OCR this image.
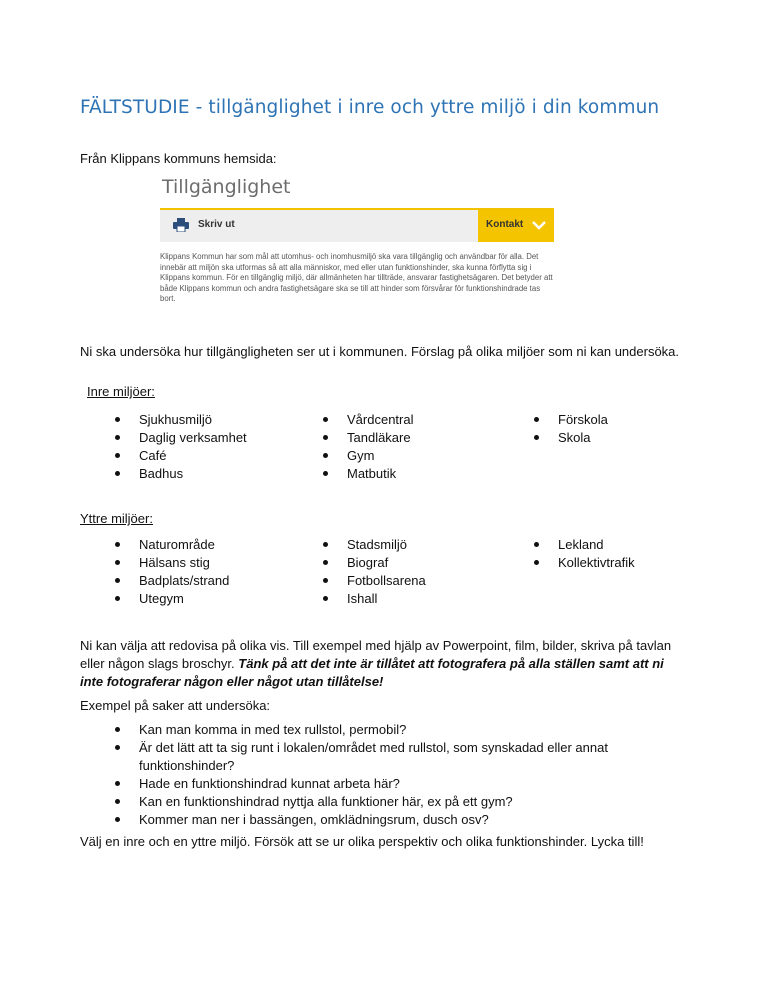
FÄLTSTUDIE - tillgänglighet i inre och yttre miljö i din kommun

Från Klippans kommuns hemsida:

Tillgänglighet
Skriv ut	Kontakt

Klippans Kommun har som mål att utomhus- och inomhusmiljö ska vara tillgänglig och användbar för alla. Det innebär att miljön ska utformas så att alla människor, med eller utan funktionshinder, ska kunna förflytta sig i Klippans kommun. För en tillgänglig miljö, där allmänheten har tillträde, ansvarar fastighetsägaren. Det betyder att både Klippans kommun och andra fastighetsägare ska se till att hinder som försvårar för funktionshindrade tas bort.

Ni ska undersöka hur tillgängligheten ser ut i kommunen. Förslag på olika miljöer som ni kan undersöka.

Inre miljöer:

Sjukhusmiljö
Daglig verksamhet
Café
Badhus
Vårdcentral
Tandläkare
Gym
Matbutik
Förskola
Skola

Yttre miljöer:

Naturområde
Hälsans stig
Badplats/strand
Utegym
Stadsmiljö
Biograf
Fotbollsarena
Ishall
Lekland
Kollektivtrafik

Ni kan välja att redovisa på olika vis. Till exempel med hjälp av Powerpoint, film, bilder, skriva på tavlan eller någon slags broschyr. Tänk på att det inte är tillåtet att fotografera på alla ställen samt att ni inte fotograferar någon eller något utan tillåtelse!

Exempel på saker att undersöka:

Kan man komma in med tex rullstol, permobil?
Är det lätt att ta sig runt i lokalen/området med rullstol, som synskadad eller annat funktionshinder?
Hade en funktionshindrad kunnat arbeta här?
Kan en funktionshindrad nyttja alla funktioner här, ex på ett gym?
Kommer man ner i bassängen, omklädningsrum, dusch osv?

Välj en inre och en yttre miljö. Försök att se ur olika perspektiv och olika funktionshinder. Lycka till!
